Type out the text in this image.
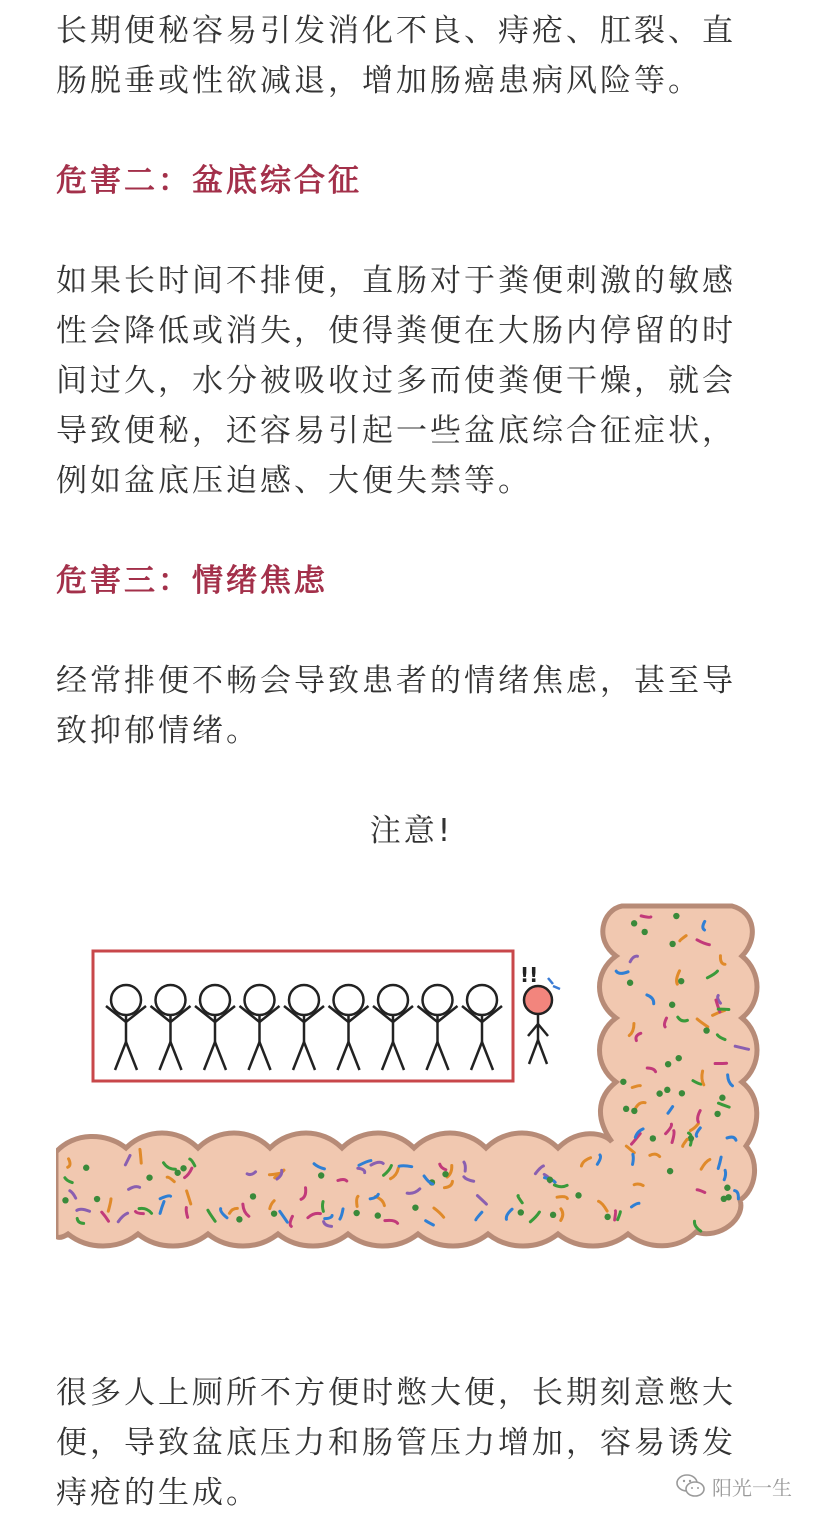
长期便秘容易引发消化不良、痔疮、肛裂、直肠脱垂或性欲减退，增加肠癌患病风险等。

危害二：盆底综合征

如果长时间不排便，直肠对于粪便刺激的敏感性会降低或消失，使得粪便在大肠内停留的时间过久，水分被吸收过多而使粪便干燥，就会导致便秘，还容易引起一些盆底综合征症状，例如盆底压迫感、大便失禁等。

危害三：情绪焦虑

经常排便不畅会导致患者的情绪焦虑，甚至导致抑郁情绪。

注意!
!!

很多人上厕所不方便时憋大便，长期刻意憋大便，导致盆底压力和肠管压力增加，容易诱发痔疮的生成。	阳光一生
